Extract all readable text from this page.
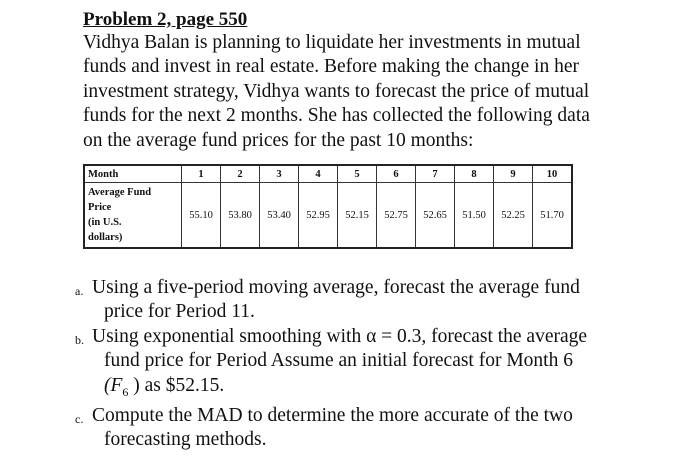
Problem 2, page 550

Vidhya Balan is planning to liquidate her investments in mutual
funds and invest in real estate. Before making the change in her
investment strategy, Vidhya wants to forecast the price of mutual
funds for the next 2 months. She has collected the following data
on the average fund prices for the past 10 months:

Month	1	2	3	4	5	6	7	8	9	10
Average Fund
Price
(in U.S.
dollars)	55.10	53.80	53.40	52.95	52.15	52.75	52.65	51.50	52.25	51.70
a. Using a five-period moving average, forecast the average fund
price for Period 11.
b. Using exponential smoothing with α = 0.3, forecast the average
fund price for Period Assume an initial forecast for Month 6
($F_6$ ) as $52.15.
c. Compute the MAD to determine the more accurate of the two
forecasting methods.
